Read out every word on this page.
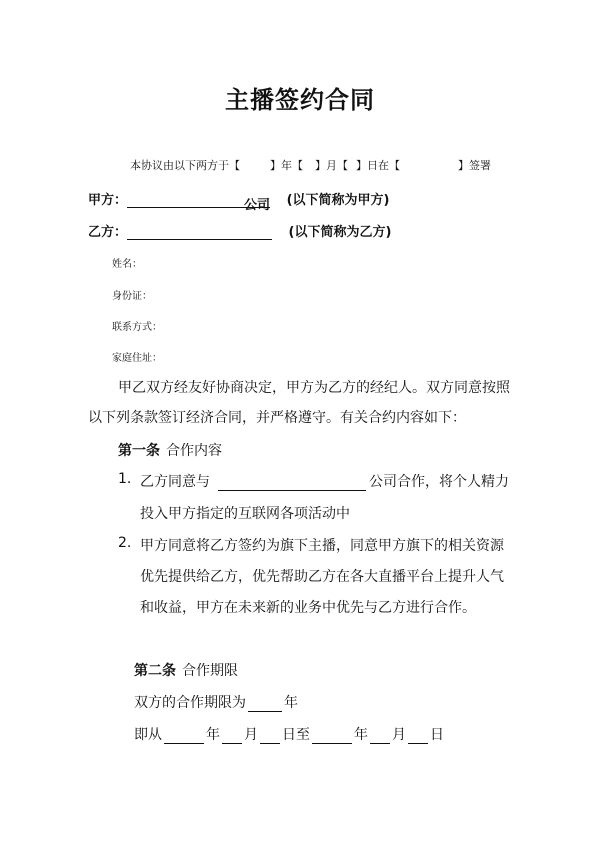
主播签约合同
本协议由以下两方于【	】年【 】月【 】日在【	】签署
甲方：	公司 (以下简称为甲方)
乙方：	(以下简称为乙方)
姓名：
身份证：
联系方式：
家庭住址：
甲乙双方经友好协商决定，甲方为乙方的经纪人。双方同意按照
以下列条款签订经济合同，并严格遵守。有关合约内容如下：
第一条 合作内容
1. 乙方同意与	公司合作，将个人精力
投入甲方指定的互联网各项活动中
2. 甲方同意将乙方签约为旗下主播，同意甲方旗下的相关资源
优先提供给乙方，优先帮助乙方在各大直播平台上提升人气
和收益，甲方在未来新的业务中优先与乙方进行合作。
第二条 合作期限
双方的合作期限为	年
即从	年 月 日至	年 月 日
